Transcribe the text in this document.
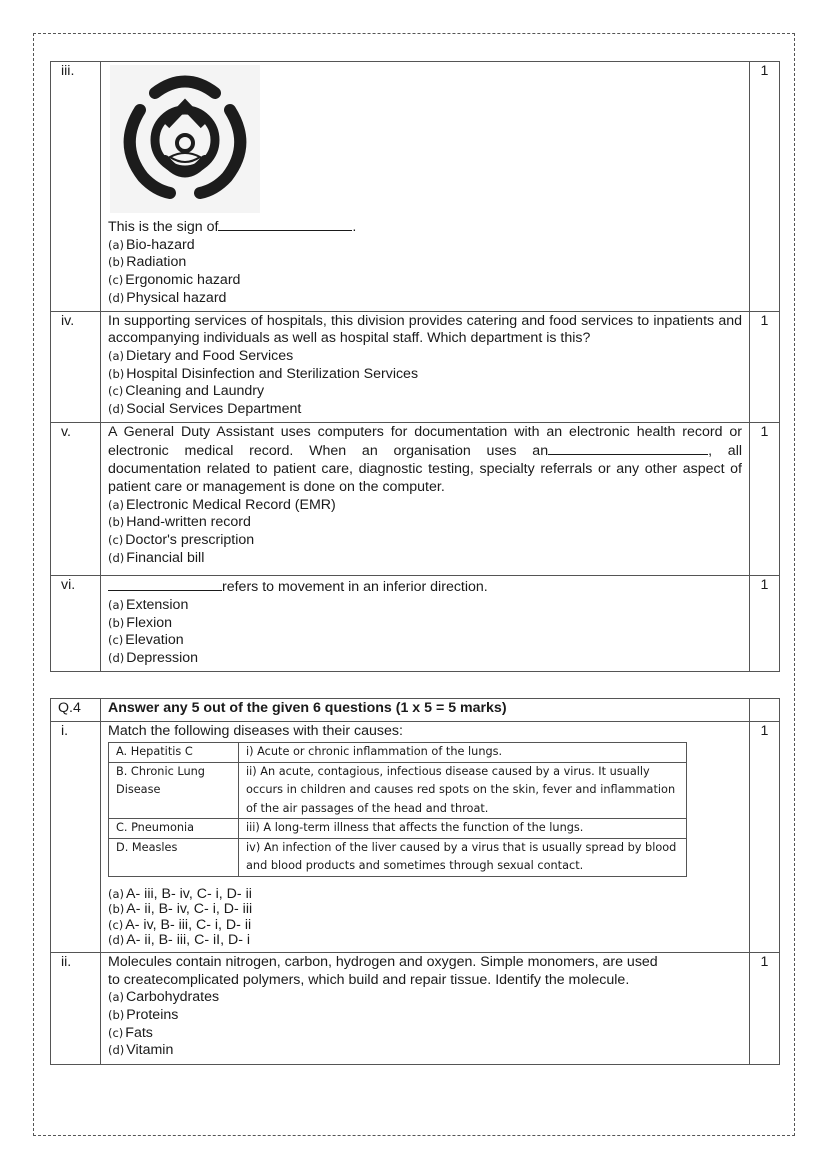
iii.	This is the sign of .
(a) Bio-hazard
(b) Radiation
(c) Ergonomic hazard
(d) Physical hazard	1
iv.	In supporting services of hospitals, this division provides catering and food services to inpatients and accompanying individuals as well as hospital staff. Which department is this?
(a) Dietary and Food Services
(b) Hospital Disinfection and Sterilization Services
(c) Cleaning and Laundry
(d) Social Services Department	1
v.	A General Duty Assistant uses computers for documentation with an electronic health record or electronic medical record. When an organisation uses an , all documentation related to patient care, diagnostic testing, specialty referrals or any other aspect of patient care or management is done on the computer.
(a) Electronic Medical Record (EMR)
(b) Hand-written record
(c) Doctor's prescription
(d) Financial bill	1
vi.	refers to movement in an inferior direction.
(a) Extension
(b) Flexion
(c) Elevation
(d) Depression	1
Q.4	Answer any 5 out of the given 6 questions (1 x 5 = 5 marks)	
i.	Match the following diseases with their causes:
A. Hepatitis C	i) Acute or chronic inflammation of the lungs.
B. Chronic Lung Disease	ii) An acute, contagious, infectious disease caused by a virus. It usually occurs in children and causes red spots on the skin, fever and inflammation of the air passages of the head and throat.
C. Pneumonia	iii) A long-term illness that affects the function of the lungs.
D. Measles	iv) An infection of the liver caused by a virus that is usually spread by blood and blood products and sometimes through sexual contact.
(a) A- iii, B- iv, C- i, D- ii
(b) A- ii, B- iv, C- i, D- iii
(c) A- iv, B- iii, C- i, D- ii
(d) A- ii, B- iii, C- iI, D- i
	1
ii.	Molecules contain nitrogen, carbon, hydrogen and oxygen. Simple monomers, are used
to createcomplicated polymers, which build and repair tissue. Identify the molecule.
(a) Carbohydrates
(b) Proteins
(c) Fats
(d) Vitamin
	1
